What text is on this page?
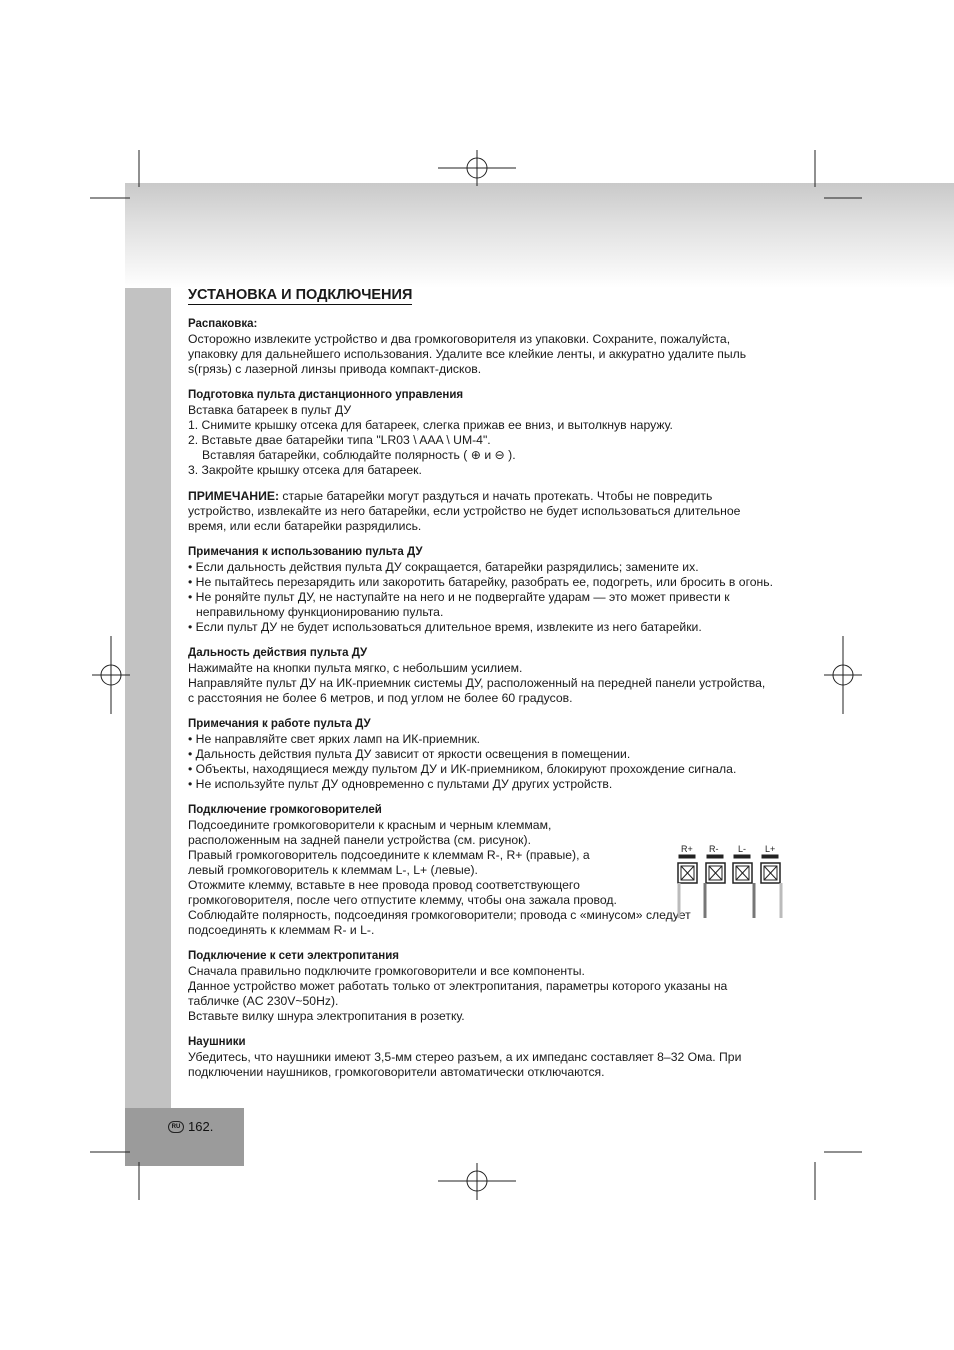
УСТАНОВКА И ПОДКЛЮЧЕНИЯ

Распаковка:

Осторожно извлеките устройство и два громкоговорителя из упаковки. Сохраните, пожалуйста,

упаковку для дальнейшего использования. Удалите все клейкие ленты, и аккуратно удалите пыль

s(грязь) с лазерной линзы привода компакт-дисков.

Подготовка пульта дистанционного управления

Вставка батареек в пульт ДУ

1. Снимите крышку отсека для батареек, слегка прижав ее вниз, и вытолкнув наружу.

2. Вставьте двае батарейки типа "LR03 \ AAA \ UM-4".

Вставляя батарейки, соблюдайте полярность ( ⊕ и ⊖ ).

3. Закройте крышку отсека для батареек.

ПРИМЕЧАНИЕ: старые батарейки могут раздуться и начать протекать. Чтобы не повредить

устройство, извлекайте из него батарейки, если устройство не будет использоваться длительное

время, или если батарейки разрядились.

Примечания к использованию пульта ДУ

• Если дальность действия пульта ДУ сокращается, батарейки разрядились; замените их.

• Не пытайтесь перезарядить или закоротить батарейку, разобрать ее, подогреть, или бросить в огонь.

• Не роняйте пульт ДУ, не наступайте на него и не подвергайте ударам — это может привести к неправильному функционированию пульта.

• Если пульт ДУ не будет использоваться длительное время, извлеките из него батарейки.

Дальность действия пульта ДУ

Нажимайте на кнопки пульта мягко, с небольшим усилием.

Направляйте пульт ДУ на ИК-приемник системы ДУ, расположенный на передней панели устройства,

с расстояния не более 6 метров, и под углом не более 60 градусов.

Примечания к работе пульта ДУ

• Не направляйте свет ярких ламп на ИК-приемник.

• Дальность действия пульта ДУ зависит от яркости освещения в помещении.

• Объекты, находящиеся между пультом ДУ и ИК-приемником, блокируют прохождение сигнала.

• Не используйте пульт ДУ одновременно с пультами ДУ других устройств.

Подключение громкоговорителей

Подсоедините громкоговорители к красным и черным клеммам,

расположенным на задней панели устройства (см. рисунок).

Правый громкоговоритель подсоедините к клеммам R-, R+ (правые), а

левый громкоговоритель к клеммам L-, L+ (левые).

Отожмите клемму, вставьте в нее провода провод соответствующего

громкоговорителя, после чего отпустите клемму, чтобы она зажала провод.

Соблюдайте полярность, подсоединяя громкоговорители; провода с «минусом» следует

подсоединять к клеммам R- и L-.

Подключение к сети электропитания

Сначала правильно подключите громкоговорители и все компоненты.

Данное устройство может работать только от электропитания, параметры которого указаны на

табличке (AC 230V~50Hz).

Вставьте вилку шнура электропитания в розетку.

Наушники

Убедитесь, что наушники имеют 3,5-мм стерео разъем, а их импеданс составляет 8–32 Ома. При

подключении наушников, громкоговорители автоматически отключаются.

R+ R- L- L+
RU 162.
